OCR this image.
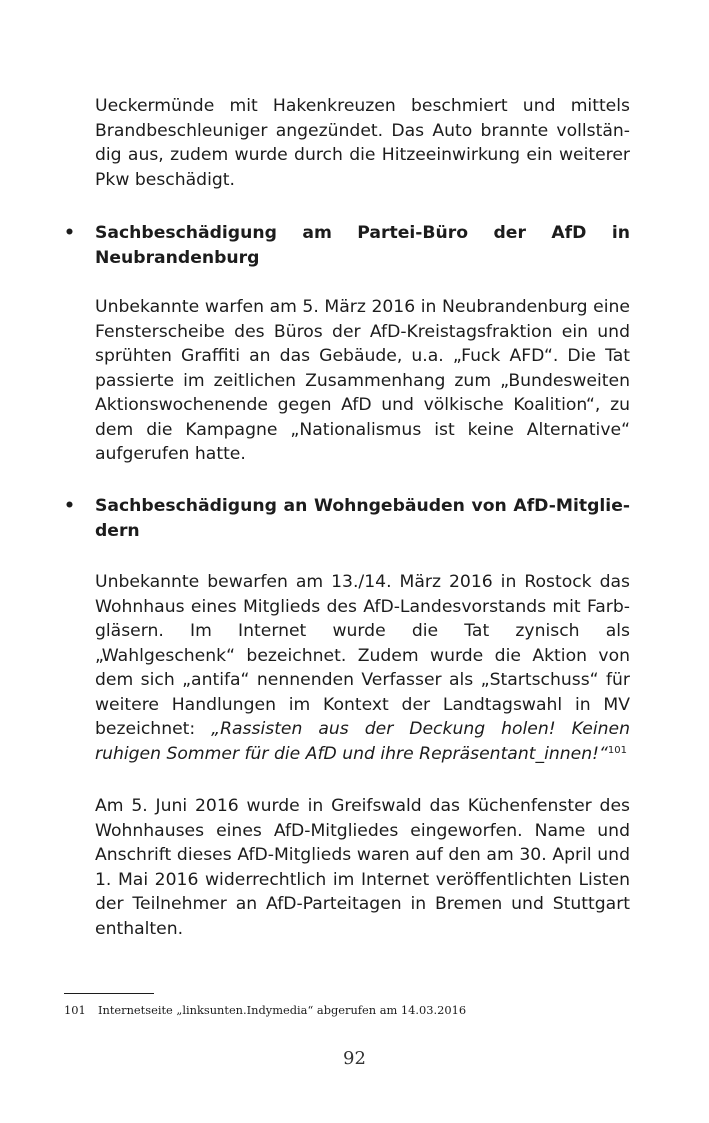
Ueckermünde mit Hakenkreuzen beschmiert und mittels Brandbeschleuniger angezündet. Das Auto brannte vollständig aus, zudem wurde durch die Hitzeeinwirkung ein weiterer Pkw beschädigt.

• Sachbeschädigung am Partei-Büro der AfD in Neubrandenburg

Unbekannte warfen am 5. März 2016 in Neubrandenburg eine Fensterscheibe des Büros der AfD-Kreistagsfraktion ein und sprühten Graffiti an das Gebäude, u.a. „Fuck AFD“. Die Tat passierte im zeitlichen Zusammenhang zum „Bundesweiten Aktionswochenende gegen AfD und völkische Koalition“, zu dem die Kampagne „Nationalismus ist keine Alternative“ aufgerufen hatte.

• Sachbeschädigung an Wohngebäuden von AfD-Mitgliedern

Unbekannte bewarfen am 13./14. März 2016 in Rostock das Wohnhaus eines Mitglieds des AfD-Landesvorstands mit Farbgläsern. Im Internet wurde die Tat zynisch als „Wahlgeschenk“ bezeichnet. Zudem wurde die Aktion von dem sich „antifa“ nennenden Verfasser als „Startschuss“ für weitere Handlungen im Kontext der Landtagswahl in MV bezeichnet: „Rassisten aus der Deckung holen! Keinen ruhigen Sommer für die AfD und ihre Repräsentant_innen!“$^{101}$

Am 5. Juni 2016 wurde in Greifswald das Küchenfenster des Wohnhauses eines AfD-Mitgliedes eingeworfen. Name und Anschrift dieses AfD-Mitglieds waren auf den am 30. April und 1. Mai 2016 widerrechtlich im Internet veröffentlichten Listen der Teilnehmer an AfD-Parteitagen in Bremen und Stuttgart enthalten.

101 Internetseite „linksunten.Indymedia“ abgerufen am 14.03.2016
92
